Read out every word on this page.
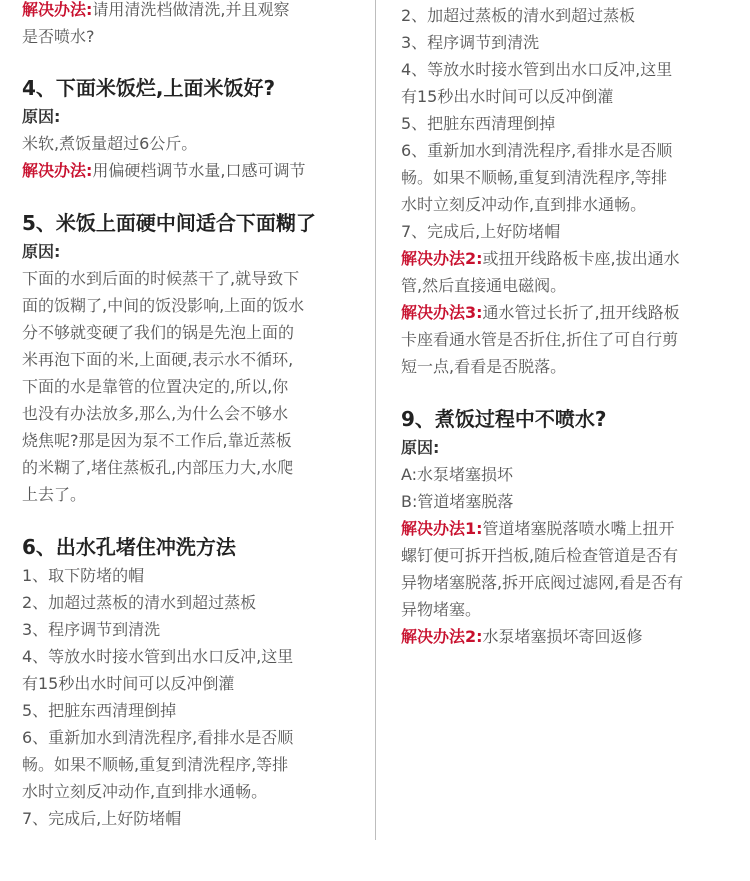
解决办法:请用清洗档做清洗,并且观察
是否喷水?
4、下面米饭烂,上面米饭好?
原因:
米软,煮饭量超过6公斤。
解决办法:用偏硬档调节水量,口感可调节
5、米饭上面硬中间适合下面糊了
原因:
下面的水到后面的时候蒸干了,就导致下
面的饭糊了,中间的饭没影响,上面的饭水
分不够就变硬了我们的锅是先泡上面的
米再泡下面的米,上面硬,表示水不循环,
下面的水是靠管的位置决定的,所以,你
也没有办法放多,那么,为什么会不够水
烧焦呢?那是因为泵不工作后,靠近蒸板
的米糊了,堵住蒸板孔,内部压力大,水爬
上去了。
6、出水孔堵住冲洗方法
1、取下防堵的帽
2、加超过蒸板的清水到超过蒸板
3、程序调节到清洗
4、等放水时接水管到出水口反冲,这里
有15秒出水时间可以反冲倒灌
5、把脏东西清理倒掉
6、重新加水到清洗程序,看排水是否顺
畅。如果不顺畅,重复到清洗程序,等排
水时立刻反冲动作,直到排水通畅。
7、完成后,上好防堵帽
2、加超过蒸板的清水到超过蒸板
3、程序调节到清洗
4、等放水时接水管到出水口反冲,这里
有15秒出水时间可以反冲倒灌
5、把脏东西清理倒掉
6、重新加水到清洗程序,看排水是否顺
畅。如果不顺畅,重复到清洗程序,等排
水时立刻反冲动作,直到排水通畅。
7、完成后,上好防堵帽
解决办法2:或扭开线路板卡座,拔出通水
管,然后直接通电磁阀。
解决办法3:通水管过长折了,扭开线路板
卡座看通水管是否折住,折住了可自行剪
短一点,看看是否脱落。
9、煮饭过程中不喷水?
原因:
A:水泵堵塞损坏
B:管道堵塞脱落
解决办法1:管道堵塞脱落喷水嘴上扭开
螺钉便可拆开挡板,随后检查管道是否有
异物堵塞脱落,拆开底阀过滤网,看是否有
异物堵塞。
解决办法2:水泵堵塞损坏寄回返修
